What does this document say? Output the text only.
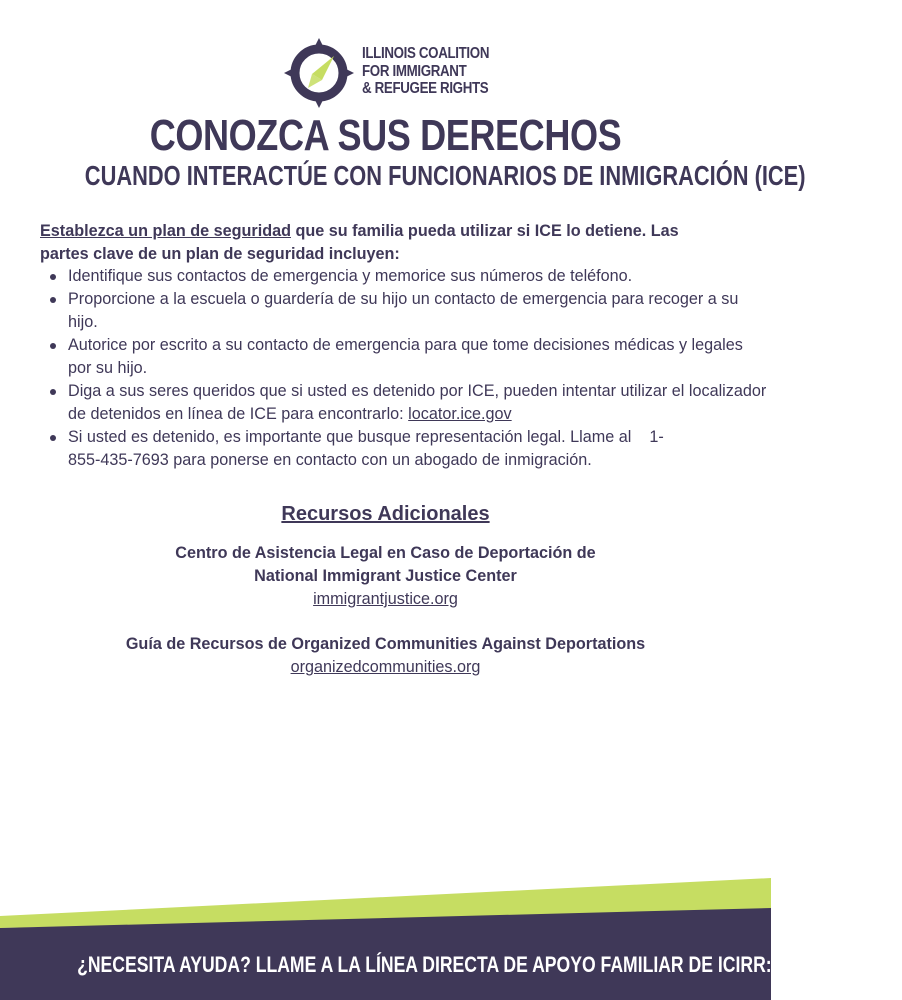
ILLINOIS COALITION
FOR IMMIGRANT
& REFUGEE RIGHTS
CONOZCA SUS DERECHOS
CUANDO INTERACTÚE CON FUNCIONARIOS DE INMIGRACIÓN (ICE)

Establezca un plan de seguridad que su familia pueda utilizar si ICE lo detiene. Las partes clave de un plan de seguridad incluyen:

Identifique sus contactos de emergencia y memorice sus números de teléfono.
Proporcione a la escuela o guardería de su hijo un contacto de emergencia para recoger a su hijo.
Autorice por escrito a su contacto de emergencia para que tome decisiones médicas y legales por su hijo.
Diga a sus seres queridos que si usted es detenido por ICE, pueden intentar utilizar el localizador de detenidos en línea de ICE para encontrarlo: locator.ice.gov
Si usted es detenido, es importante que busque representación legal. Llame al    1-
855-435-7693 para ponerse en contacto con un abogado de inmigración.

Recursos Adicionales

Centro de Asistencia Legal en Caso de Deportación de

National Immigrant Justice Center

immigrantjustice.org

Guía de Recursos de Organized Communities Against Deportations

organizedcommunities.org

¿NECESITA AYUDA? LLAME A LA LÍNEA DIRECTA DE APOYO FAMILIAR DE ICIRR: 1-855-435-7693
